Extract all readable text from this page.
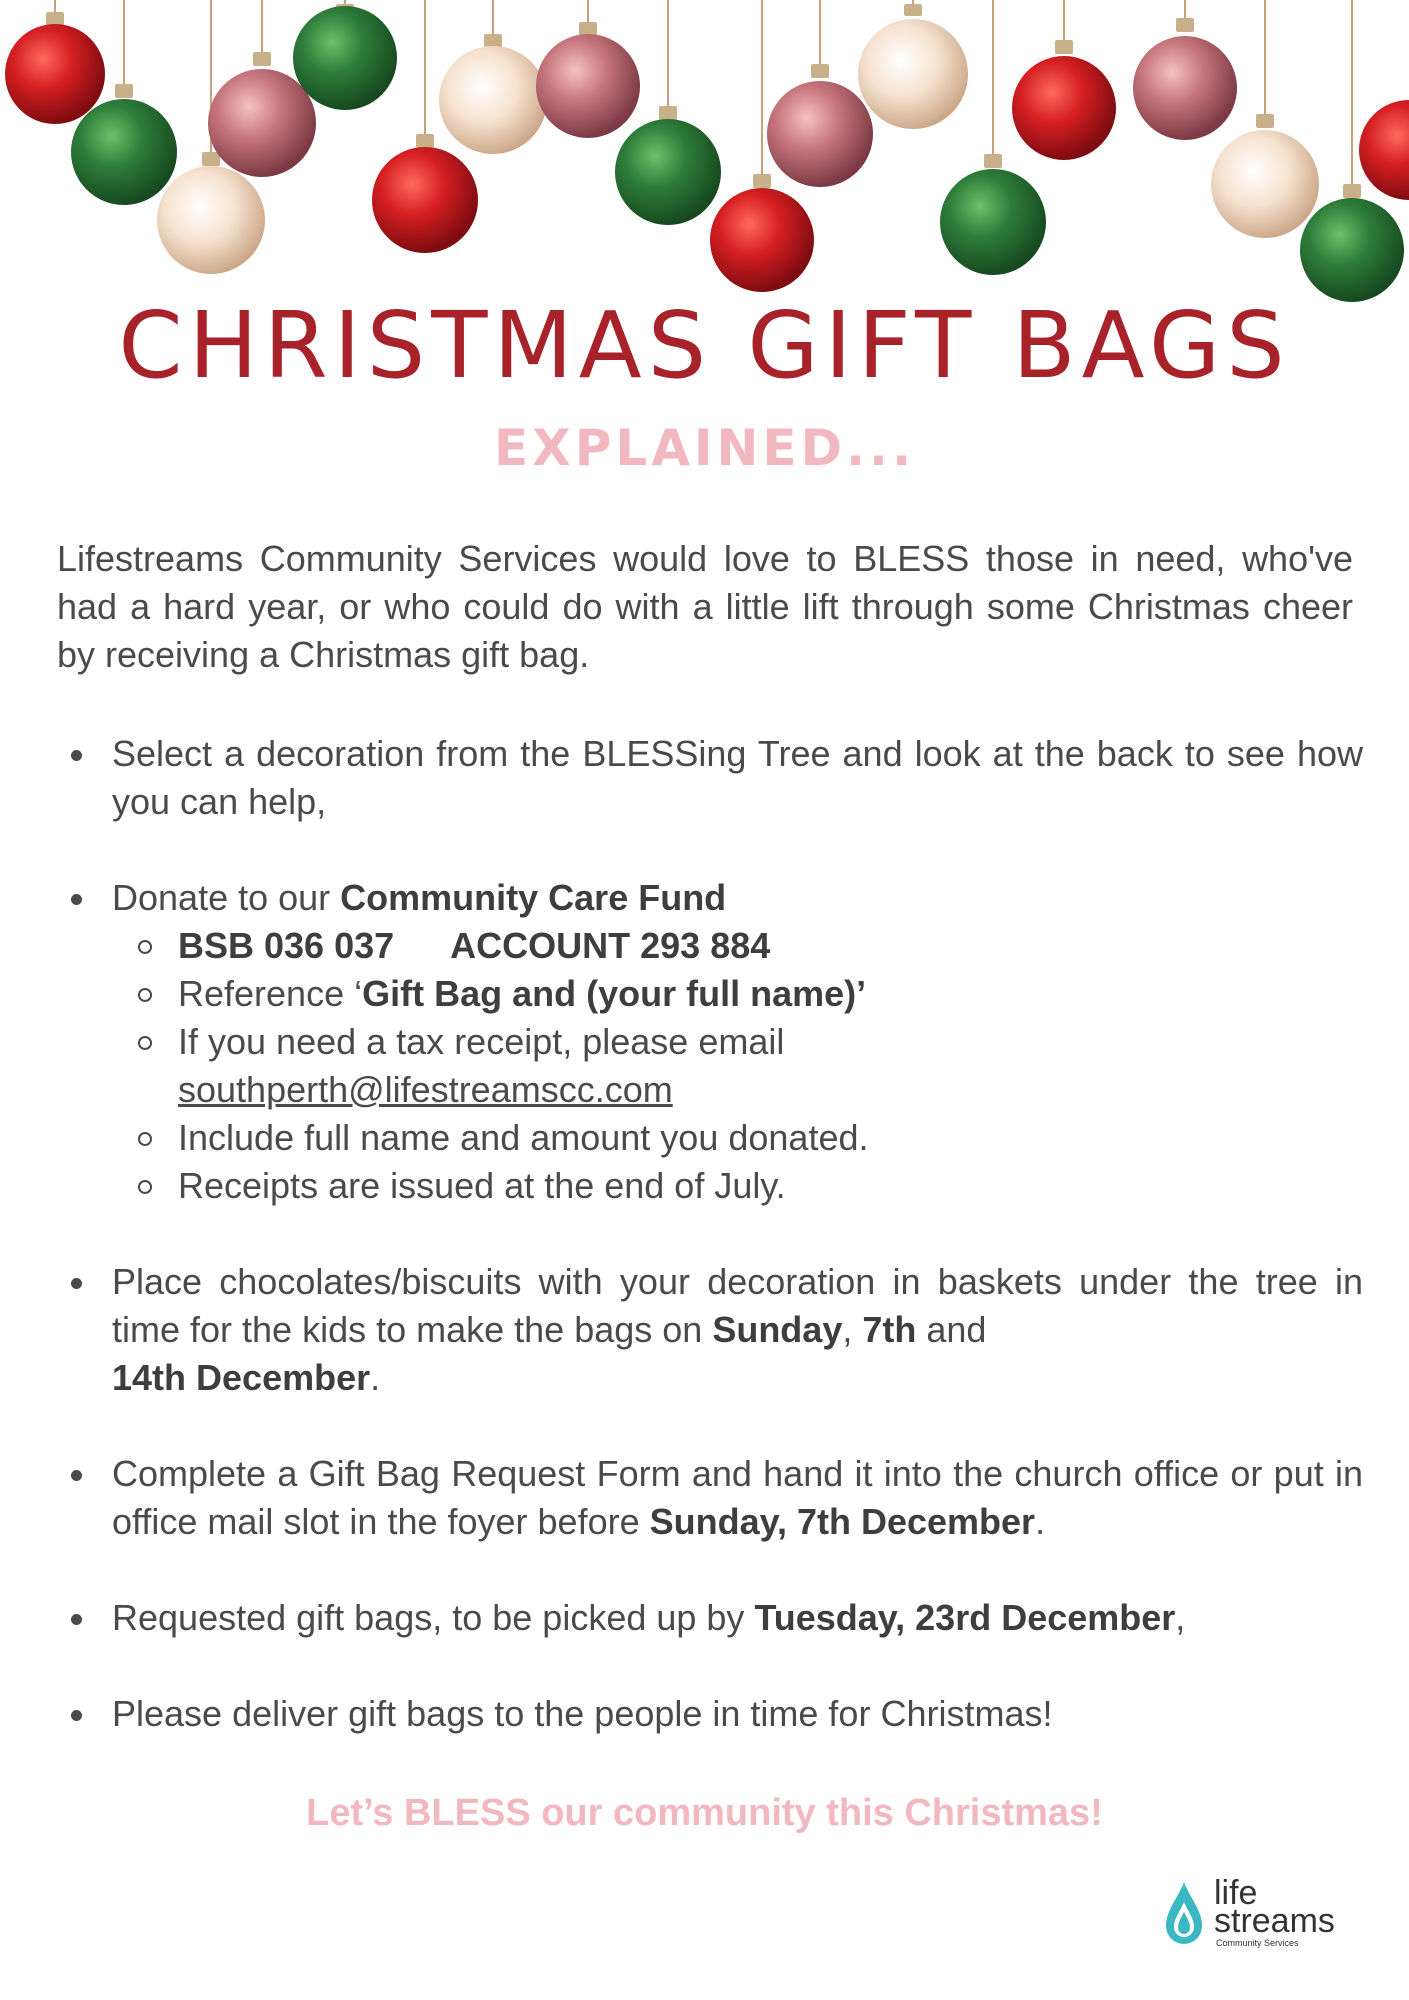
CHRISTMAS GIFT BAGS
EXPLAINED...

Lifestreams Community Services would love to BLESS those in need, who've had a hard year, or who could do with a little lift through some Christmas cheer by receiving a Christmas gift bag.

Select a decoration from the BLESSing Tree and look at the back to see how you can help,
Donate to our Community Care Fund
BSB 036 037 ACCOUNT 293 884
Reference ‘Gift Bag and (your full name)’
If you need a tax receipt, please email
southperth@lifestreamscc.com
Include full name and amount you donated.
Receipts are issued at the end of July.
Place chocolates/biscuits with your decoration in baskets under the tree in time for the kids to make the bags on Sunday, 7th and
14th December.
Complete a Gift Bag Request Form and hand it into the church office or put in office mail slot in the foyer before Sunday, 7th December.
Requested gift bags, to be picked up by Tuesday, 23rd December,
Please deliver gift bags to the people in time for Christmas!

Let’s BLESS our community this Christmas!

life
streams
Community Services
